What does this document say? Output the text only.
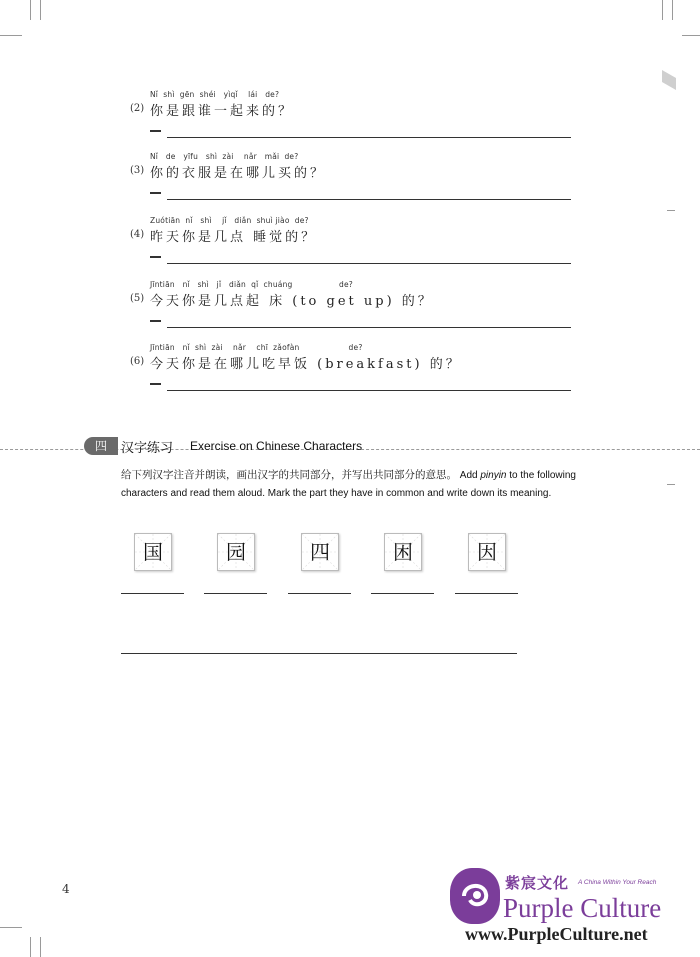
Nǐ  shì  gēn  shéi   yìqǐ    lái   de?
(2) 你是跟谁一起来的？
Nǐ   de   yīfu   shì  zài    nǎr   mǎi  de?
(3) 你的衣服是在哪儿买的？
Zuótiān  nǐ   shì    jǐ   diǎn  shuì jiào  de?
(4) 昨天你是几点 睡觉的？
Jīntiān   nǐ   shì   jǐ   diǎn  qǐ  chuáng                  de?
(5) 今天你是几点起 床 (to get up) 的？
Jīntiān   nǐ  shì  zài    nǎr    chī  zǎofàn                   de?
(6) 今天你是在哪儿吃早饭 (breakfast) 的？
四	汉字练习 Exercise on Chinese Characters
给下列汉字注音并朗读，画出汉字的共同部分，并写出共同部分的意思。 Add pinyin to the following characters and read them aloud. Mark the part they have in common and write down its meaning.
国	园	四	困	因
4	紫宸文化 A China Within Your Reach
Purple Culture
www.PurpleCulture.net
